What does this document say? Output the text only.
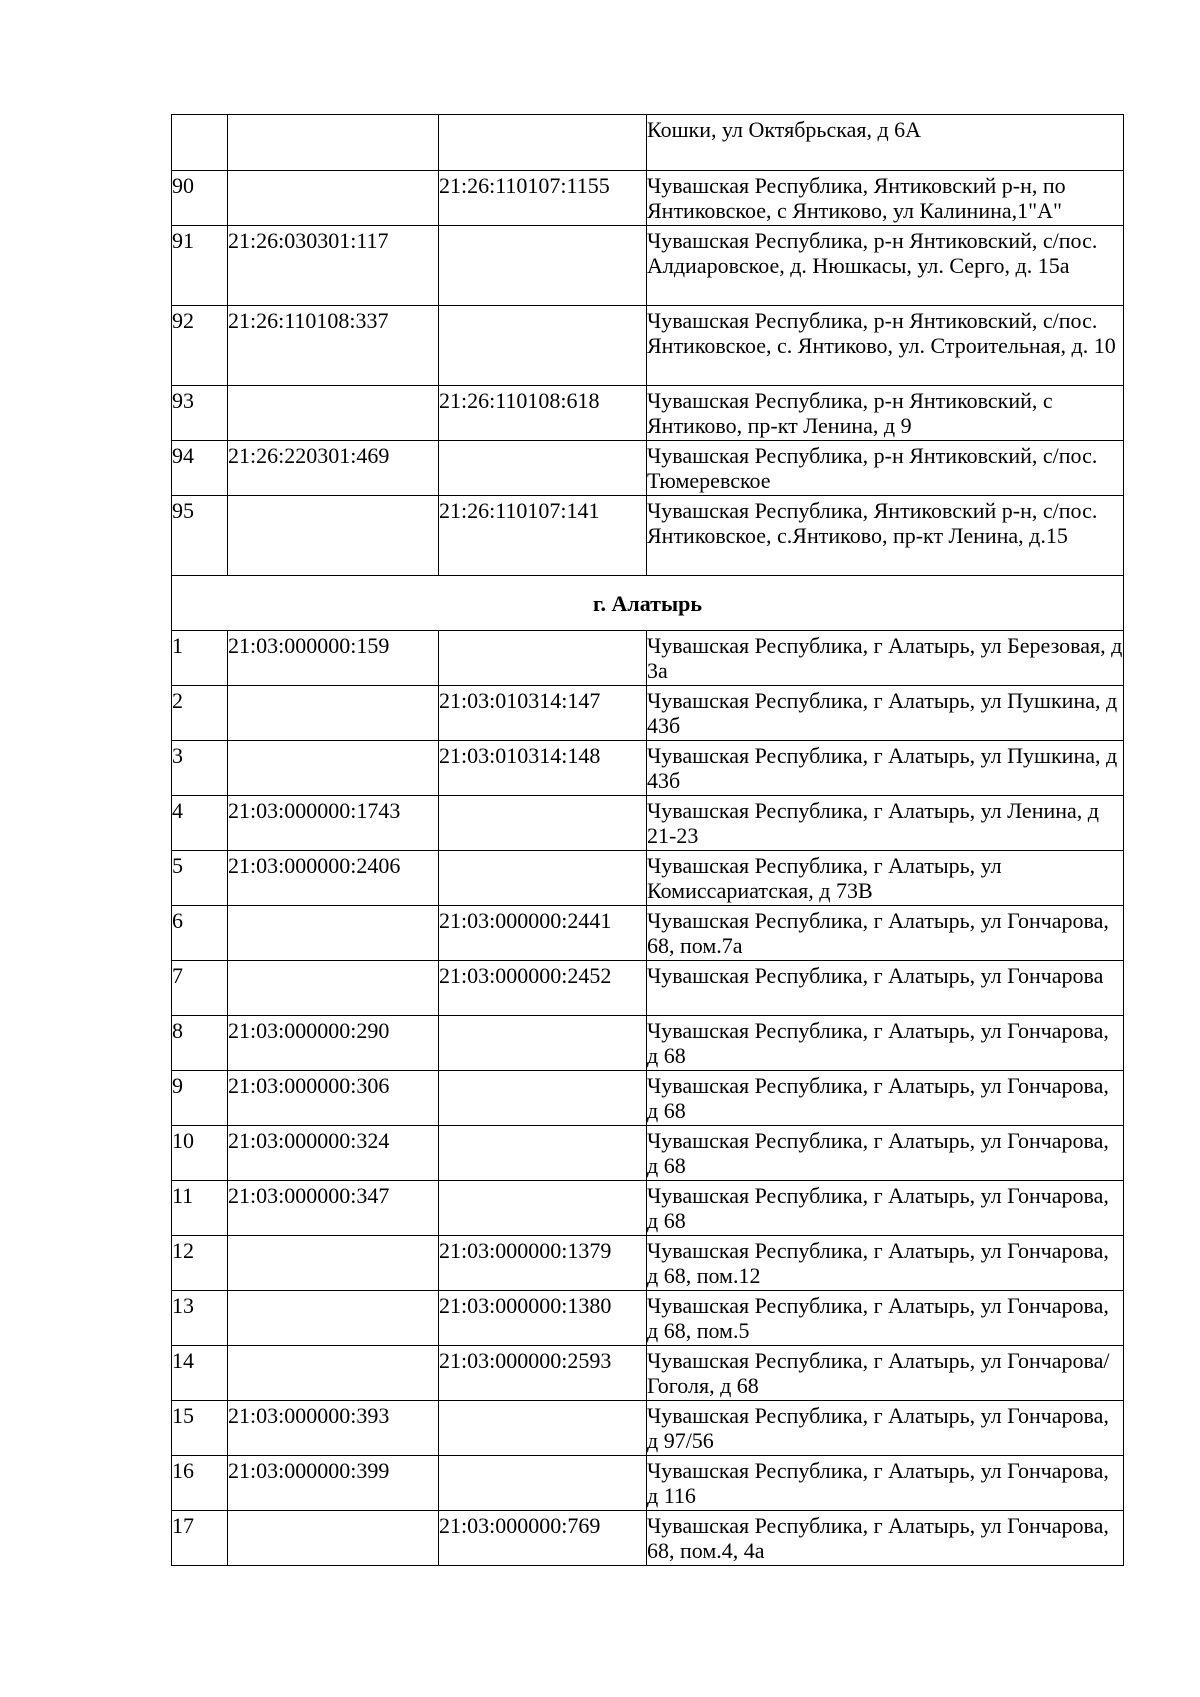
			Кошки, ул Октябрьская, д 6А
90		21:26:110107:1155	Чувашская Республика, Янтиковский р-н, по Янтиковское, с Янтиково, ул Калинина,1"А"
91	21:26:030301:117		Чувашская Республика, р-н Янтиковский, с/пос. Алдиаровское, д. Нюшкасы, ул. Серго, д. 15а
92	21:26:110108:337		Чувашская Республика, р-н Янтиковский, с/пос. Янтиковское, с. Янтиково, ул. Строительная, д. 10
93		21:26:110108:618	Чувашская Республика, р-н Янтиковский, с Янтиково, пр-кт Ленина, д 9
94	21:26:220301:469		Чувашская Республика, р-н Янтиковский, с/пос. Тюмеревское
95		21:26:110107:141	Чувашская Республика, Янтиковский р-н, с/пос. Янтиковское, с.Янтиково, пр-кт Ленина, д.15
г. Алатырь			
1	21:03:000000:159		Чувашская Республика, г Алатырь, ул Березовая, д 3а
2		21:03:010314:147	Чувашская Республика, г Алатырь, ул Пушкина, д 43б
3		21:03:010314:148	Чувашская Республика, г Алатырь, ул Пушкина, д 43б
4	21:03:000000:1743		Чувашская Республика, г Алатырь, ул Ленина, д 21-23
5	21:03:000000:2406		Чувашская Республика, г Алатырь, ул Комиссариатская, д 73В
6		21:03:000000:2441	Чувашская Республика, г Алатырь, ул Гончарова, 68, пом.7а
7		21:03:000000:2452	Чувашская Республика, г Алатырь, ул Гончарова
8	21:03:000000:290		Чувашская Республика, г Алатырь, ул Гончарова, д 68
9	21:03:000000:306		Чувашская Республика, г Алатырь, ул Гончарова, д 68
10	21:03:000000:324		Чувашская Республика, г Алатырь, ул Гончарова, д 68
11	21:03:000000:347		Чувашская Республика, г Алатырь, ул Гончарова, д 68
12		21:03:000000:1379	Чувашская Республика, г Алатырь, ул Гончарова, д 68, пом.12
13		21:03:000000:1380	Чувашская Республика, г Алатырь, ул Гончарова, д 68, пом.5
14		21:03:000000:2593	Чувашская Республика, г Алатырь, ул Гончарова/Гоголя, д 68
15	21:03:000000:393		Чувашская Республика, г Алатырь, ул Гончарова, д 97/56
16	21:03:000000:399		Чувашская Республика, г Алатырь, ул Гончарова, д 116
17		21:03:000000:769	Чувашская Республика, г Алатырь, ул Гончарова, 68, пом.4, 4а
